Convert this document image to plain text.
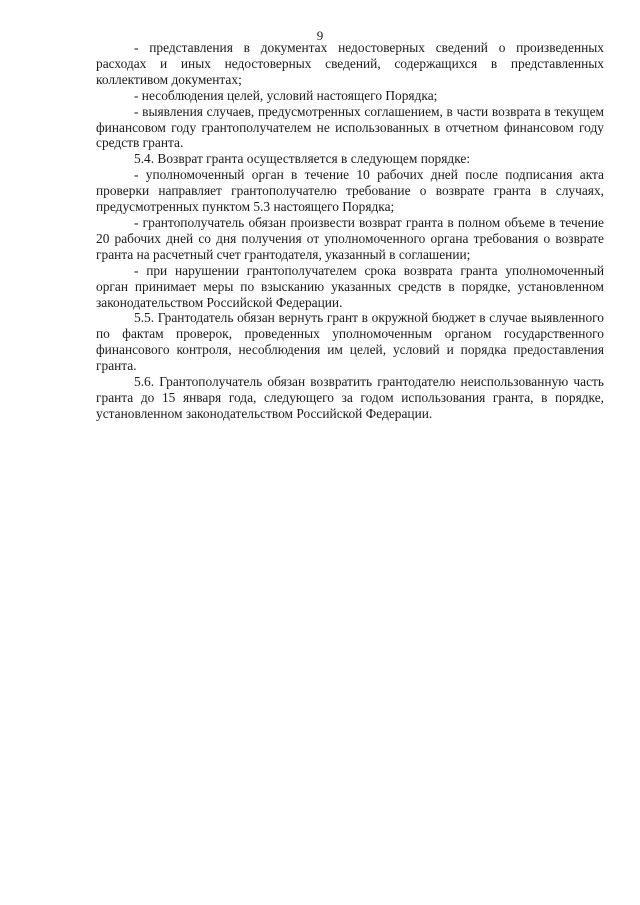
9

- представления в документах недостоверных сведений о произведенных расходах и иных недостоверных сведений, содержащихся в представленных коллективом документах;

- несоблюдения целей, условий настоящего Порядка;

- выявления случаев, предусмотренных соглашением, в части возврата в текущем финансовом году грантополучателем не использованных в отчетном финансовом году средств гранта.

5.4. Возврат гранта осуществляется в следующем порядке:

- уполномоченный орган в течение 10 рабочих дней после подписания акта проверки направляет грантополучателю требование о возврате гранта в случаях, предусмотренных пунктом 5.3 настоящего Порядка;

- грантополучатель обязан произвести возврат гранта в полном объеме в течение 20 рабочих дней со дня получения от уполномоченного органа требования о возврате гранта на расчетный счет грантодателя, указанный в соглашении;

- при нарушении грантополучателем срока возврата гранта уполномоченный орган принимает меры по взысканию указанных средств в порядке, установленном законодательством Российской Федерации.

5.5. Грантодатель обязан вернуть грант в окружной бюджет в случае выявленного по фактам проверок, проведенных уполномоченным органом государственного финансового контроля, несоблюдения им целей, условий и порядка предоставления гранта.

5.6. Грантополучатель обязан возвратить грантодателю неиспользованную часть гранта до 15 января года, следующего за годом использования гранта, в порядке, установленном законодательством Российской Федерации.
